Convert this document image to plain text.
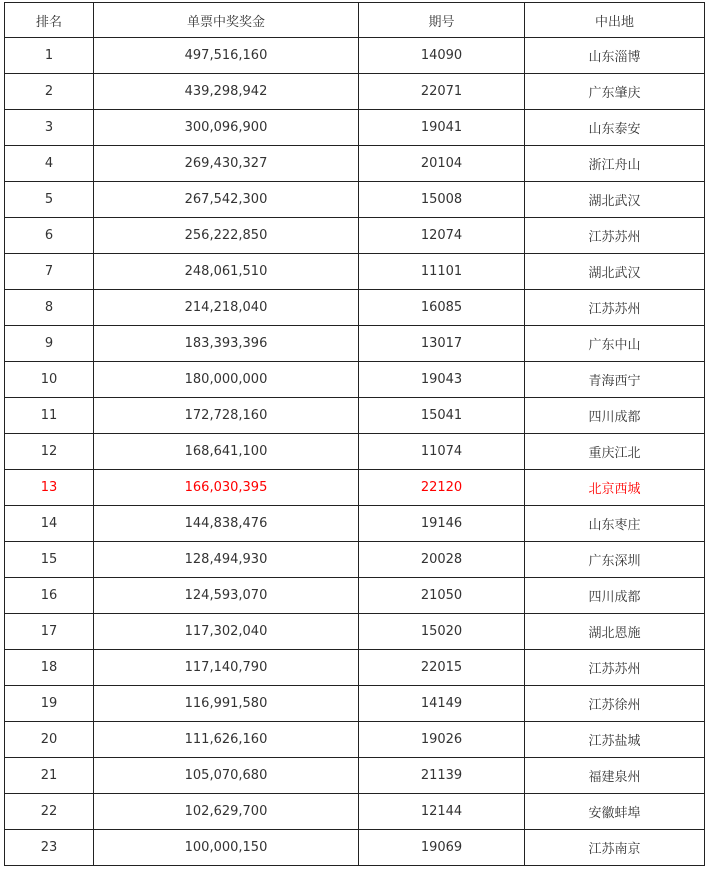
排名	单票中奖奖金	期号	中出地
1	497,516,160	14090	山东淄博
2	439,298,942	22071	广东肇庆
3	300,096,900	19041	山东泰安
4	269,430,327	20104	浙江舟山
5	267,542,300	15008	湖北武汉
6	256,222,850	12074	江苏苏州
7	248,061,510	11101	湖北武汉
8	214,218,040	16085	江苏苏州
9	183,393,396	13017	广东中山
10	180,000,000	19043	青海西宁
11	172,728,160	15041	四川成都
12	168,641,100	11074	重庆江北
13	166,030,395	22120	北京西城
14	144,838,476	19146	山东枣庄
15	128,494,930	20028	广东深圳
16	124,593,070	21050	四川成都
17	117,302,040	15020	湖北恩施
18	117,140,790	22015	江苏苏州
19	116,991,580	14149	江苏徐州
20	111,626,160	19026	江苏盐城
21	105,070,680	21139	福建泉州
22	102,629,700	12144	安徽蚌埠
23	100,000,150	19069	江苏南京
